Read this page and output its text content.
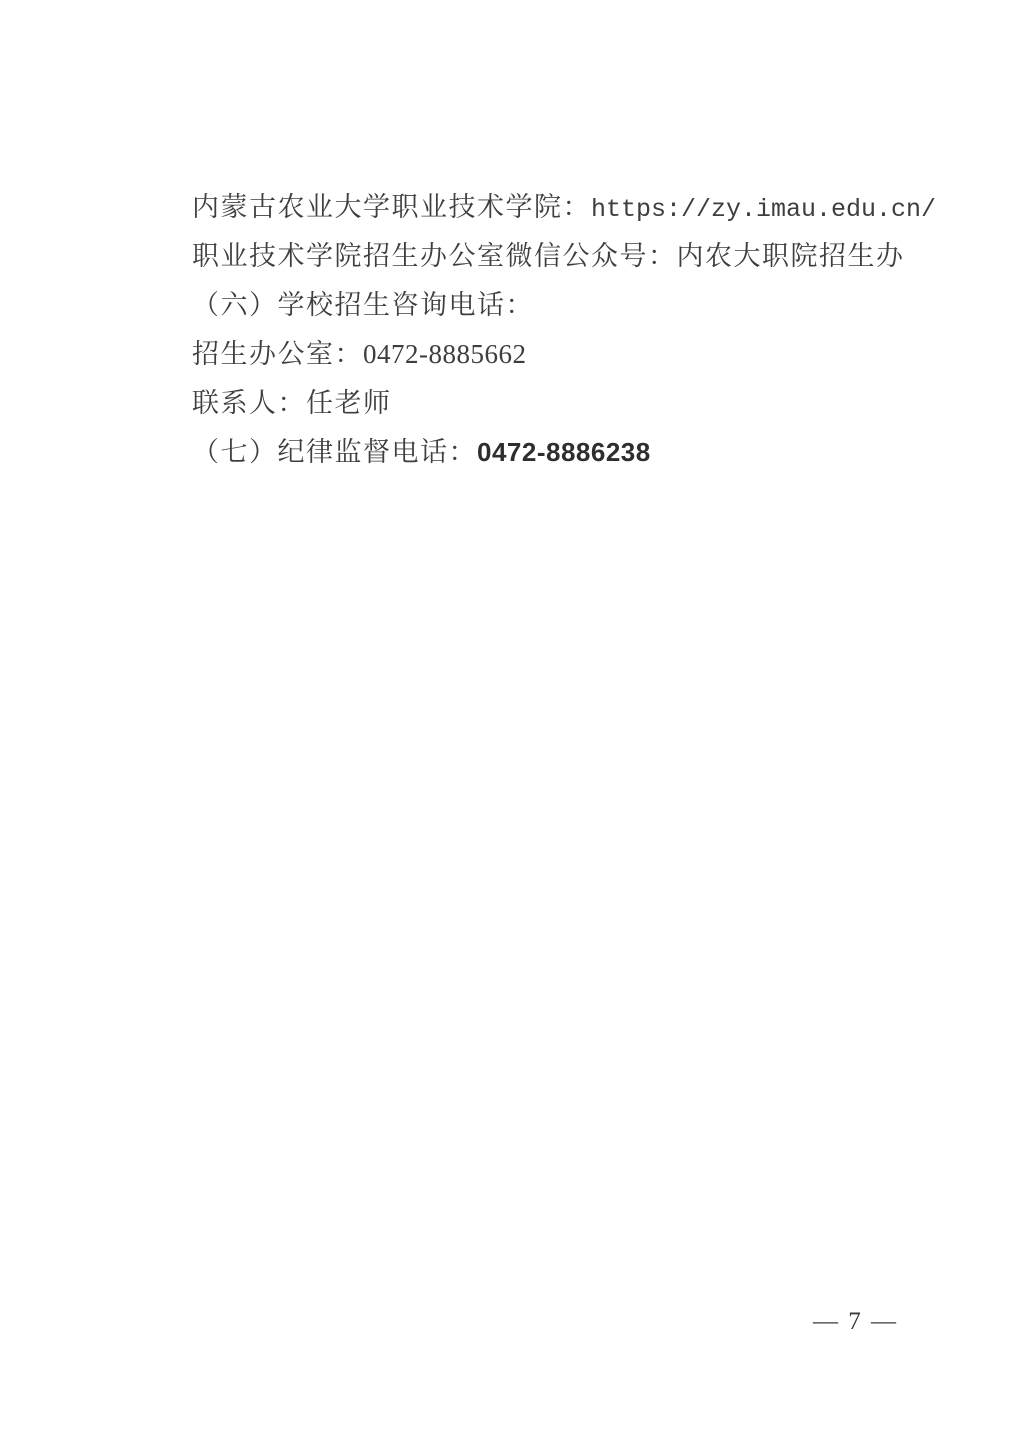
内蒙古农业大学职业技术学院：https://zy.imau.edu.cn/

职业技术学院招生办公室微信公众号：内农大职院招生办

（六）学校招生咨询电话：

招生办公室：0472-8885662

联系人：任老师

（七）纪律监督电话：0472-8886238

— 7 —
